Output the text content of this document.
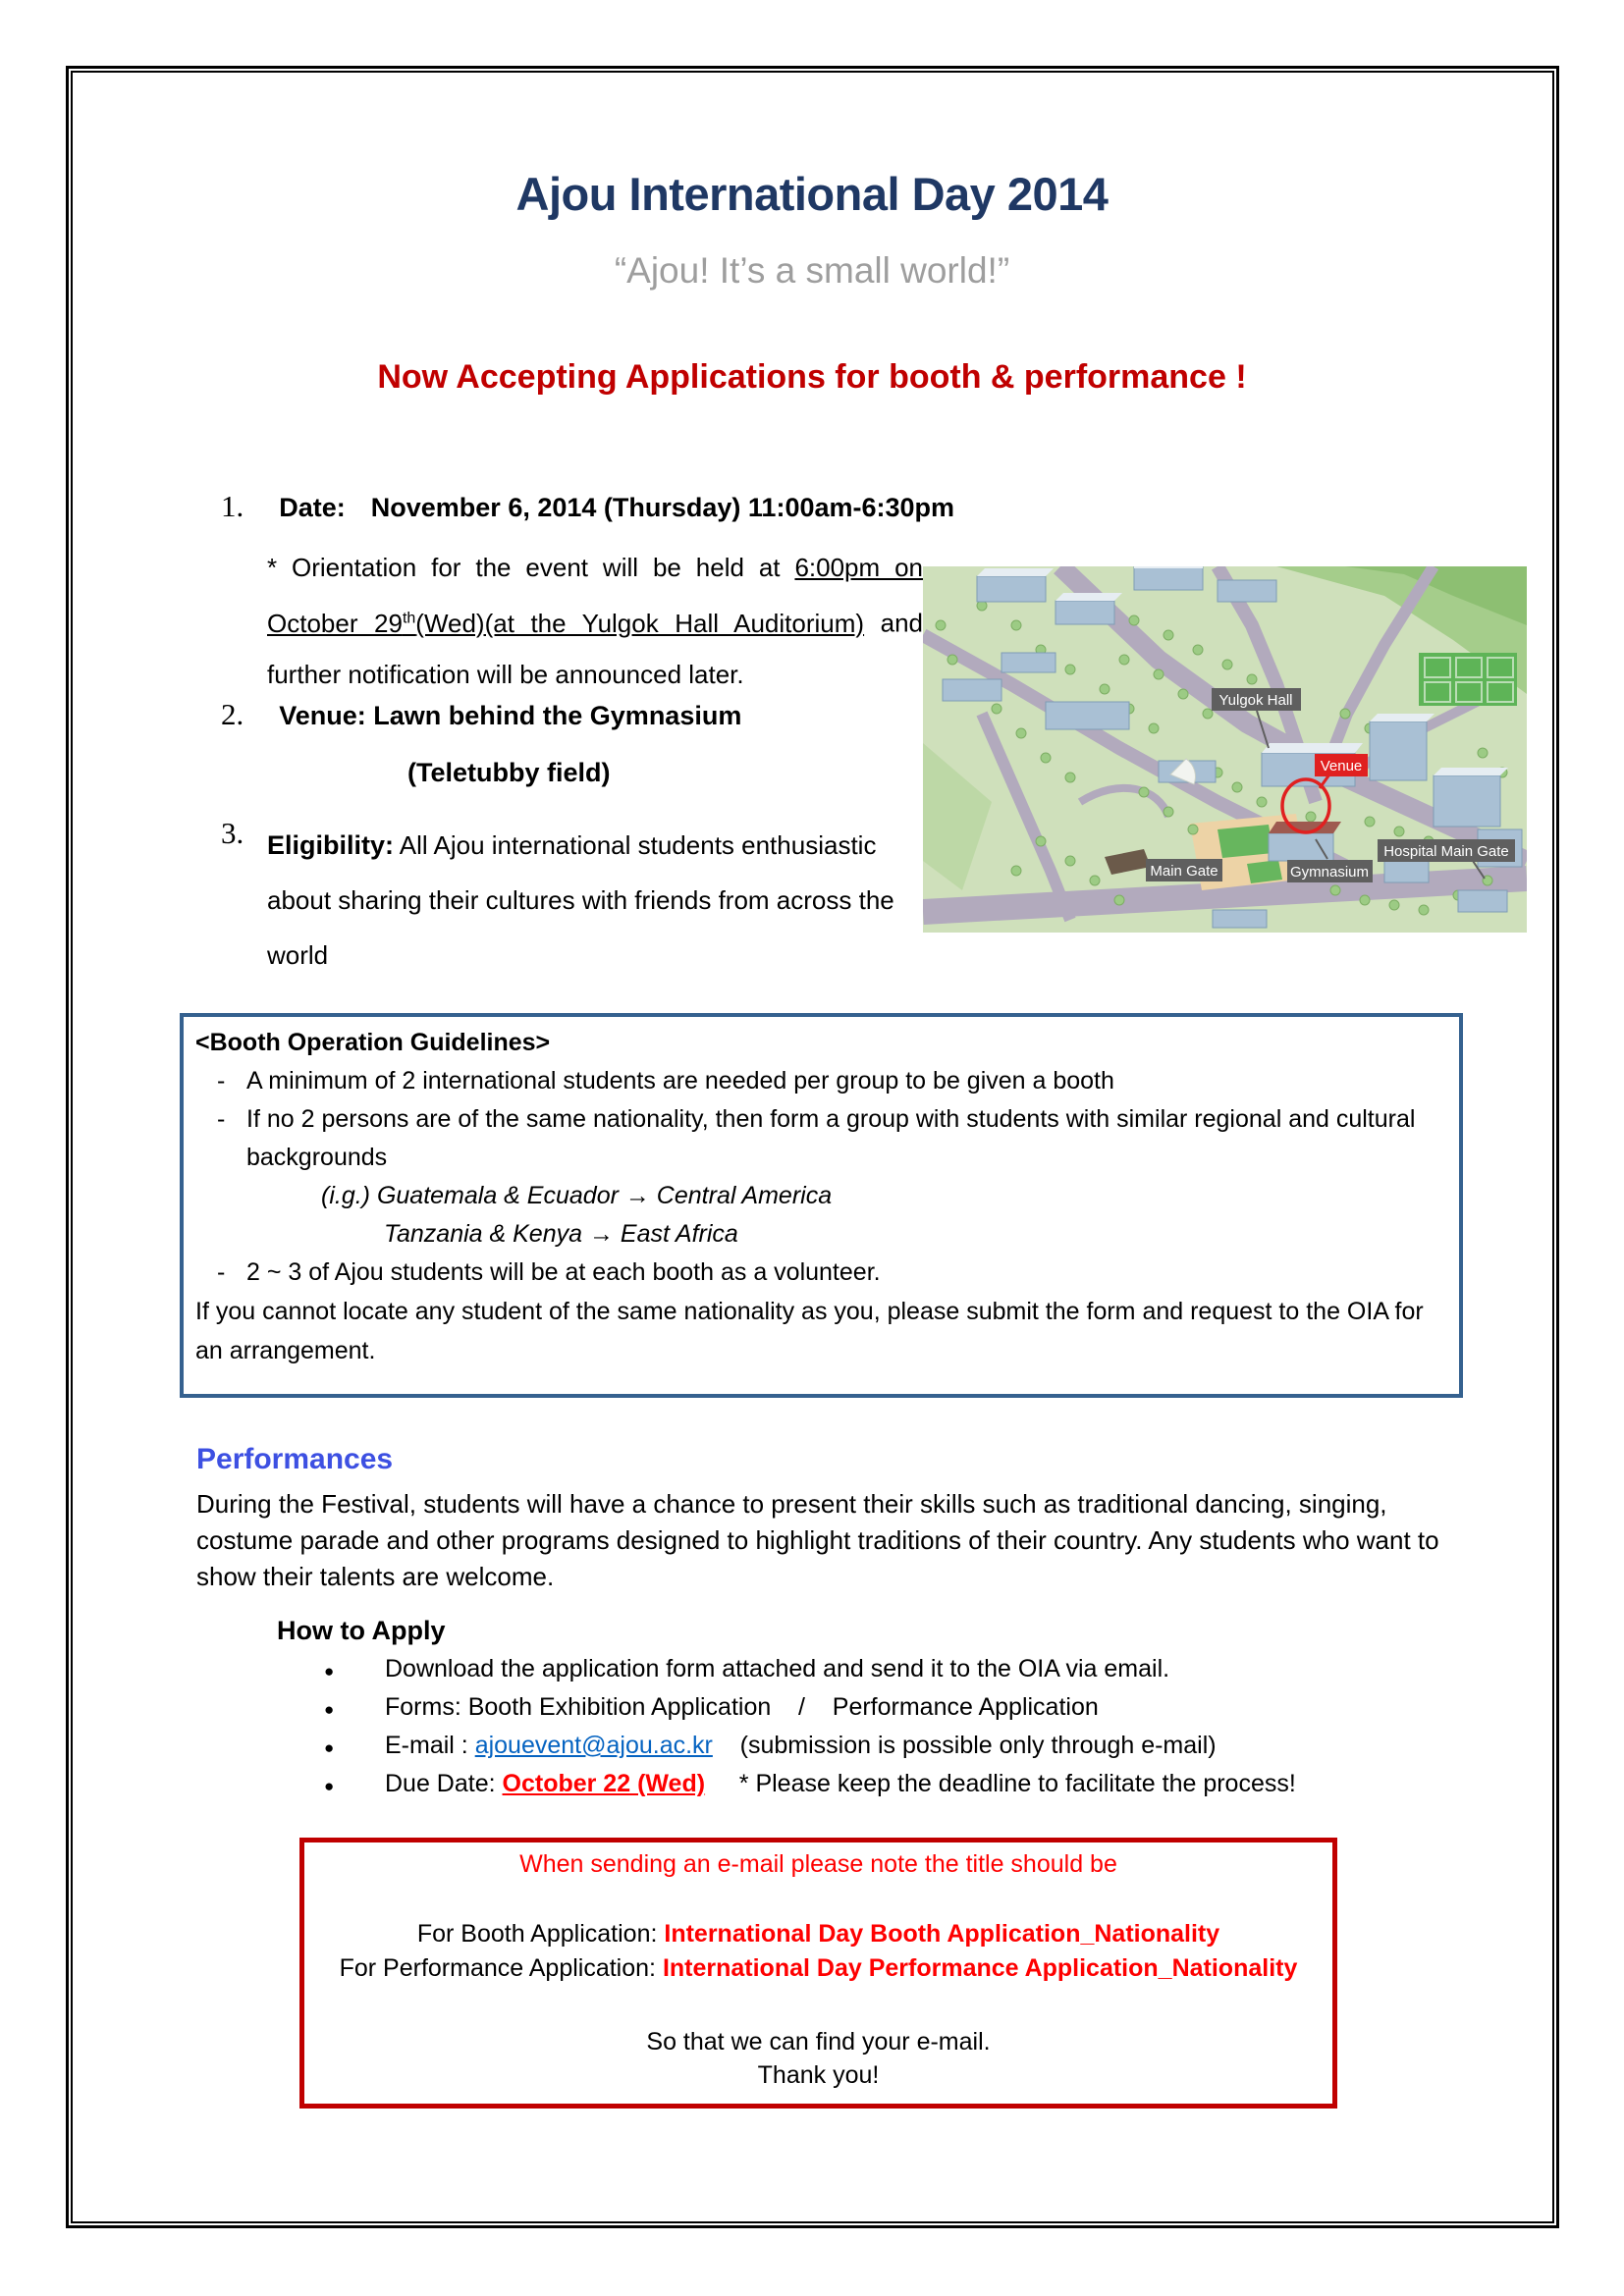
Ajou International Day 2014
“Ajou! It’s a small world!”
Now Accepting Applications for booth & performance !
1. Date: November 6, 2014 (Thursday) 11:00am-6:30pm
* Orientation for the event will be held at 6:00pm on October 29th(Wed)(at the Yulgok Hall Auditorium) and further notification will be announced later.
2. Venue: Lawn behind the Gymnasium
(Teletubby field)
3. Eligibility: All Ajou international students enthusiastic about sharing their cultures with friends from across the world
Yulgok Hall
Venue
Main Gate	Gymnasium
Hospital Main Gate
<Booth Operation Guidelines>
- A minimum of 2 international students are needed per group to be given a booth
- If no 2 persons are of the same nationality, then form a group with students with similar regional and cultural backgrounds
(i.g.) Guatemala & Ecuador → Central America
Tanzania & Kenya → East Africa
- 2 ~ 3 of Ajou students will be at each booth as a volunteer.
If you cannot locate any student of the same nationality as you, please submit the form and request to the OIA for an arrangement.
Performances
During the Festival, students will have a chance to present their skills such as traditional dancing, singing, costume parade and other programs designed to highlight traditions of their country. Any students who want to show their talents are welcome.
How to Apply
●	Download the application form attached and send it to the OIA via email.
●	Forms: Booth Exhibition Application    /    Performance Application
●	E-mail : ajouevent@ajou.ac.kr    (submission is possible only through e-mail)
●	Due Date: October 22 (Wed)     * Please keep the deadline to facilitate the process!
When sending an e-mail please note the title should be
For Booth Application: International Day Booth Application_Nationality
For Performance Application: International Day Performance Application_Nationality
So that we can find your e-mail.
Thank you!
